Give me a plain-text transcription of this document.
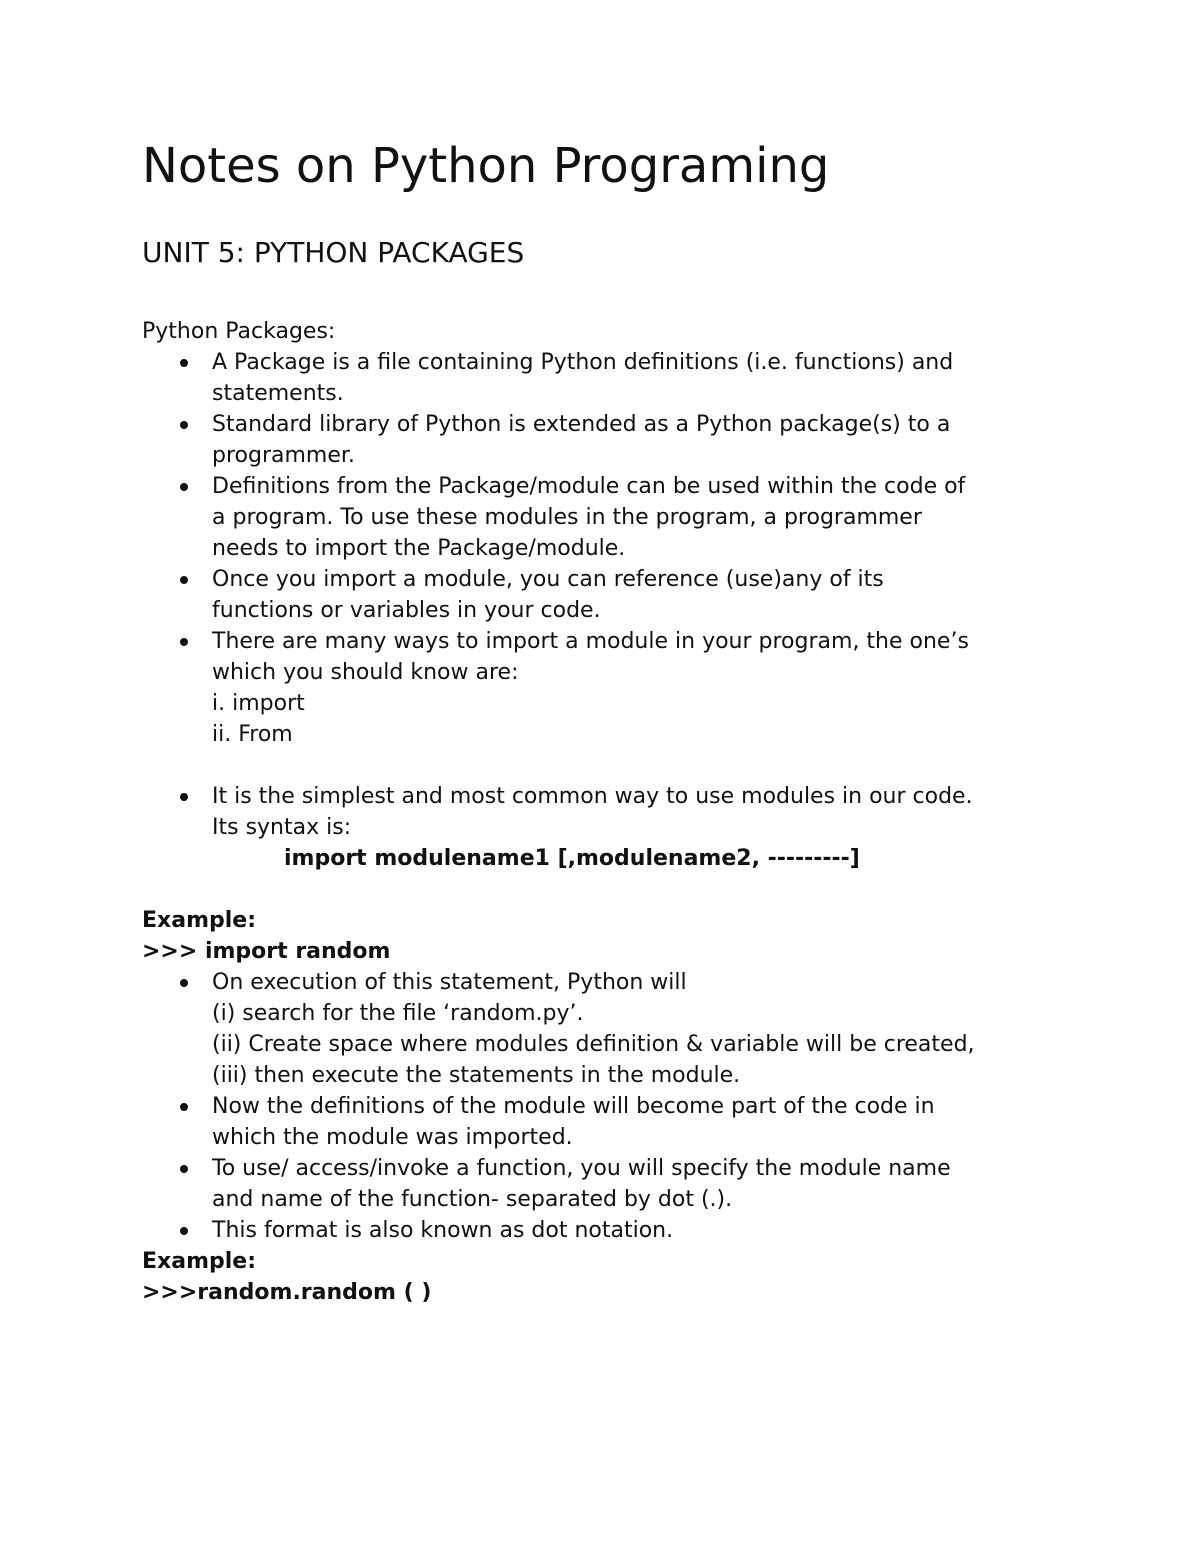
Notes on Python Programing
UNIT 5: PYTHON PACKAGES
Python Packages:
A Package is a file containing Python definitions (i.e. functions) and
statements.
Standard library of Python is extended as a Python package(s) to a
programmer.
Definitions from the Package/module can be used within the code of
a program. To use these modules in the program, a programmer
needs to import the Package/module.
Once you import a module, you can reference (use)any of its
functions or variables in your code.
There are many ways to import a module in your program, the one’s
which you should know are:
i. import
ii. From
It is the simplest and most common way to use modules in our code.
Its syntax is:
import modulename1 [,modulename2, ---------]
Example:
>>> import random
On execution of this statement, Python will
(i) search for the file ‘random.py’.
(ii) Create space where modules definition & variable will be created,
(iii) then execute the statements in the module.
Now the definitions of the module will become part of the code in
which the module was imported.
To use/ access/invoke a function, you will specify the module name
and name of the function- separated by dot (.).
This format is also known as dot notation.
Example:
>>>random.random ( )
